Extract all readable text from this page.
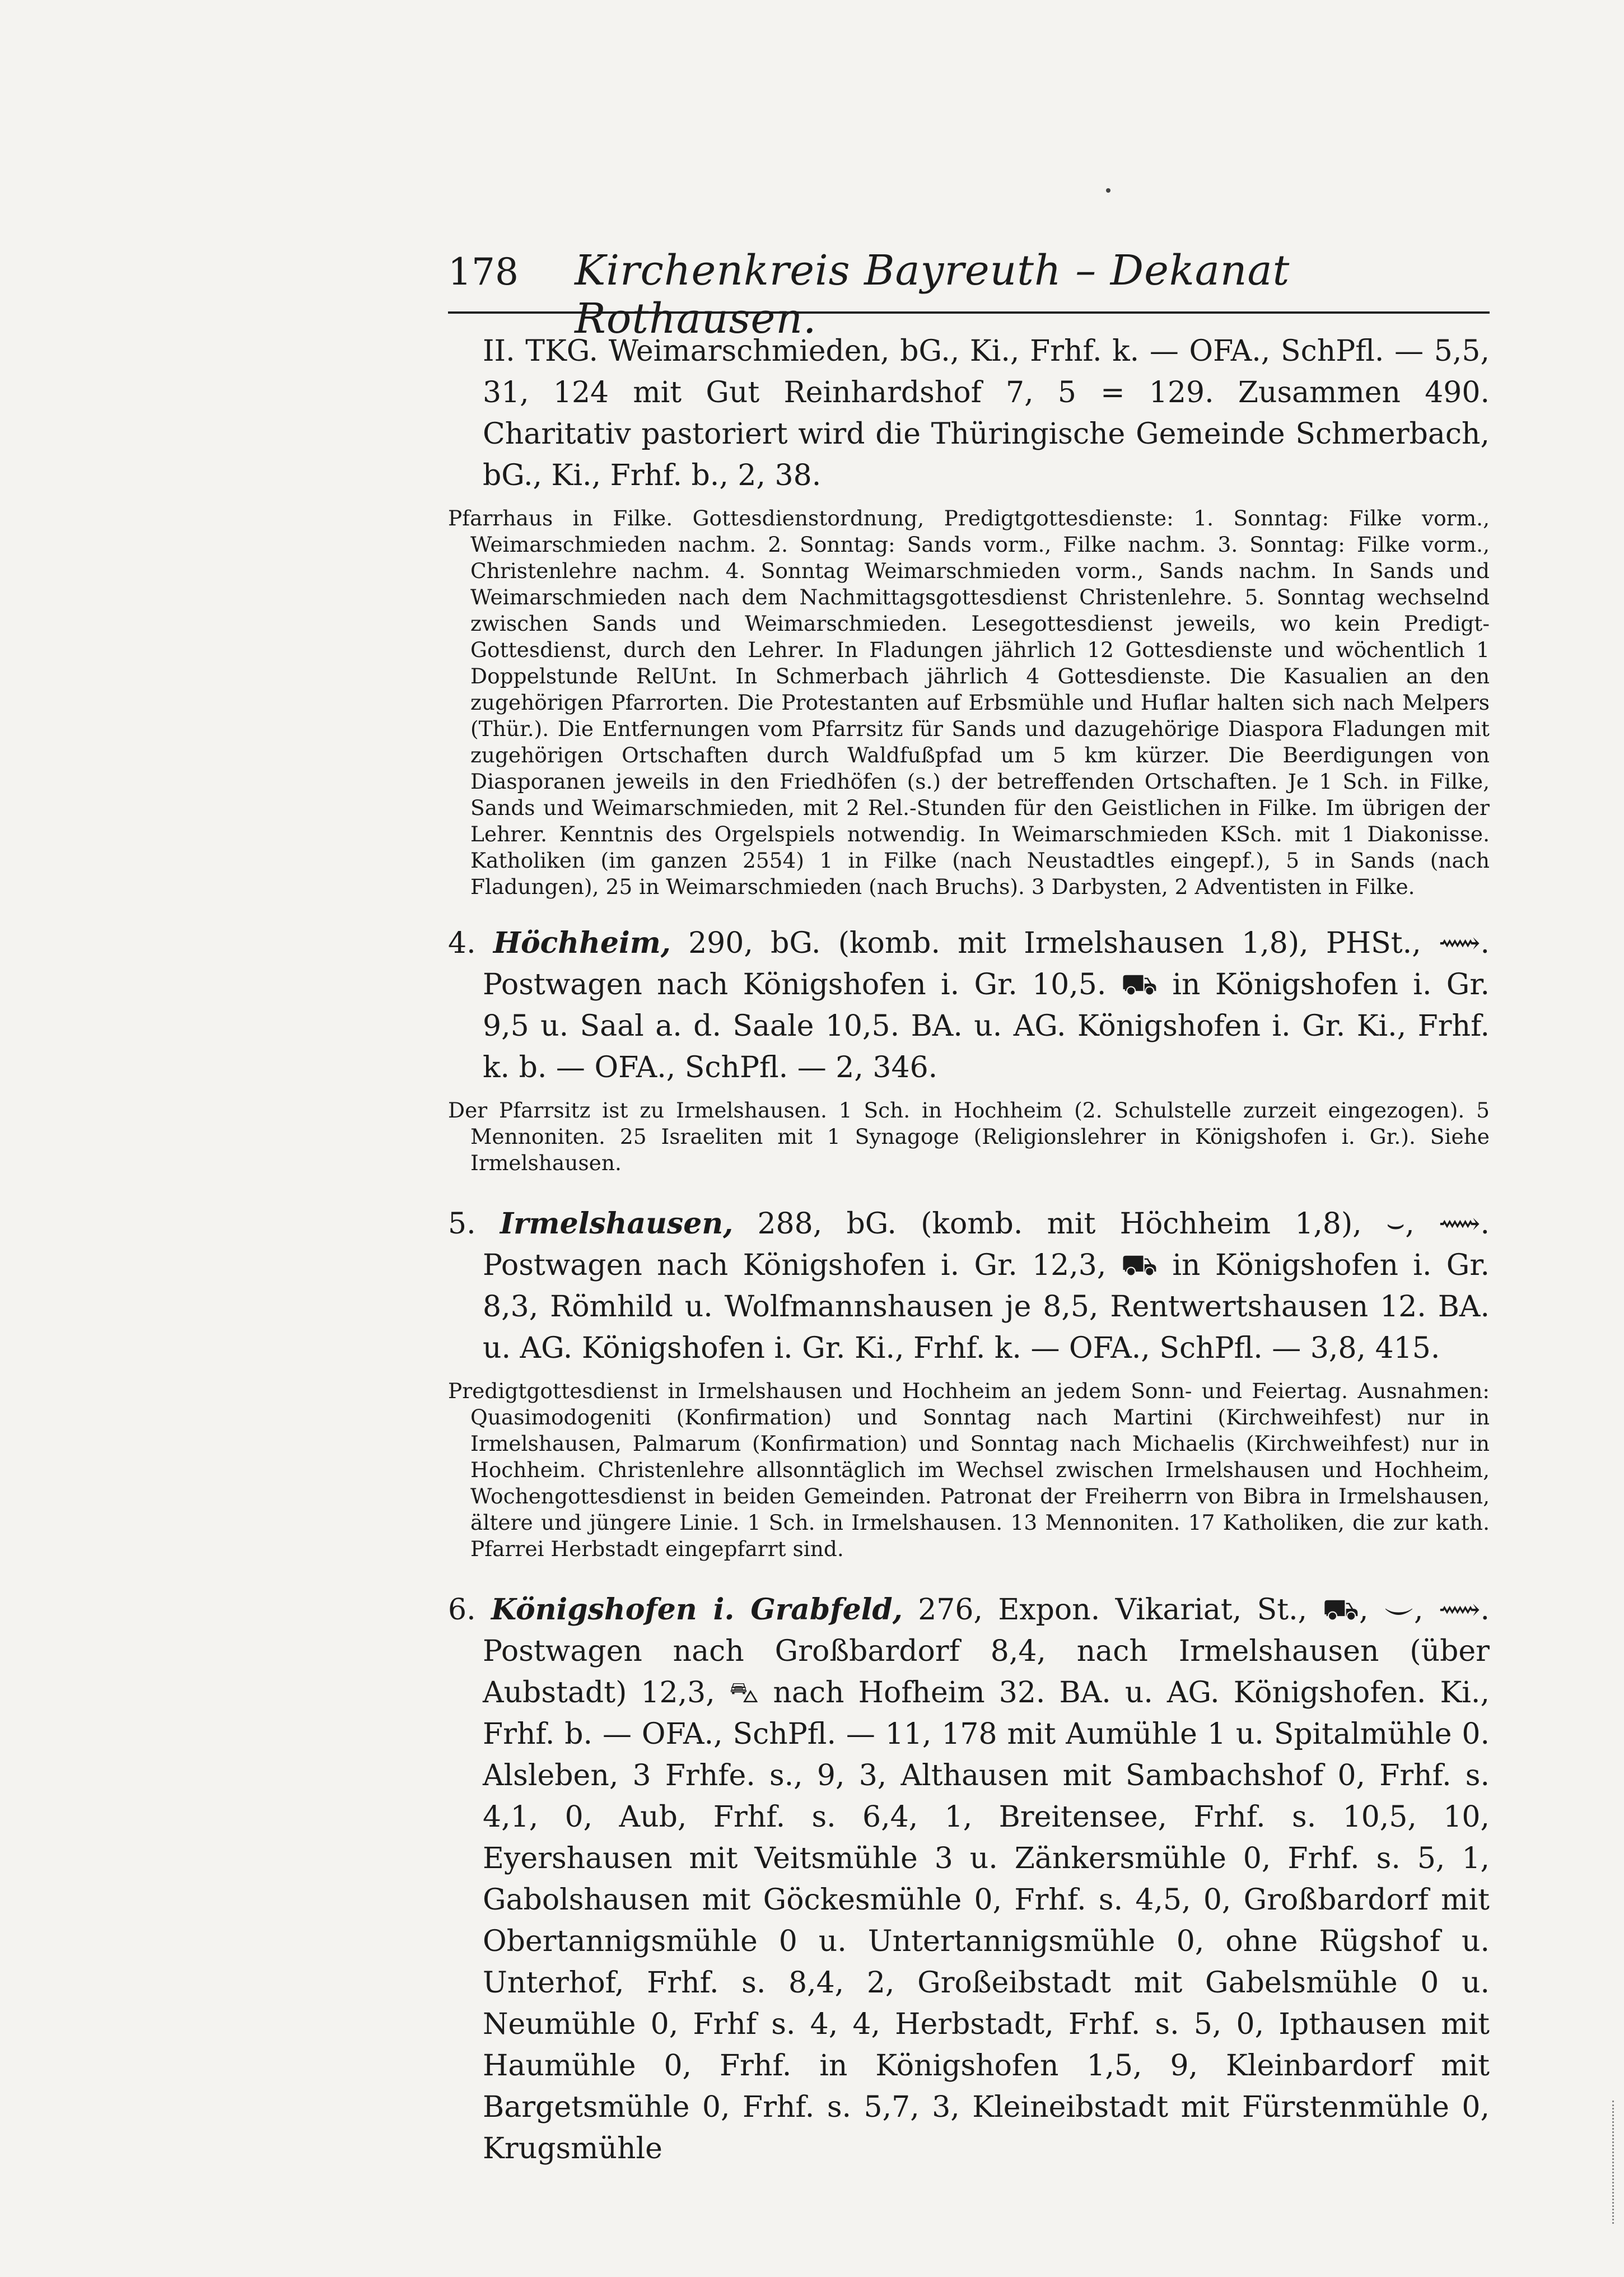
178	Kirchenkreis Bayreuth – Dekanat Rothausen.

II. TKG. Weimarschmieden, bG., Ki., Frhf. k. — OFA., SchPfl. — 5,5, 31, 124 mit Gut Reinhardshof 7, 5 = 129. Zusammen 490. Charitativ pastoriert wird die Thüringische Gemeinde Schmerbach, bG., Ki., Frhf. b., 2, 38.

Pfarrhaus in Filke. Gottesdienstordnung, Predigtgottesdienste: 1. Sonntag: Filke vorm., Weimarschmieden nachm. 2. Sonntag: Sands vorm., Filke nachm. 3. Sonntag: Filke vorm., Christenlehre nachm. 4. Sonntag Weimarschmieden vorm., Sands nachm. In Sands und Weimarschmieden nach dem Nachmittagsgottesdienst Christenlehre. 5. Sonntag wechselnd zwischen Sands und Weimarschmieden. Lesegottesdienst jeweils, wo kein Predigt-Gottesdienst, durch den Lehrer. In Fladungen jährlich 12 Gottesdienste und wöchentlich 1 Doppelstunde RelUnt. In Schmerbach jährlich 4 Gottesdienste. Die Kasualien an den zugehörigen Pfarrorten. Die Protestanten auf Erbsmühle und Huflar halten sich nach Melpers (Thür.). Die Entfernungen vom Pfarrsitz für Sands und dazugehörige Diaspora Fladungen mit zugehörigen Ortschaften durch Waldfußpfad um 5 km kürzer. Die Beerdigungen von Diasporanen jeweils in den Friedhöfen (s.) der betreffenden Ortschaften. Je 1 Sch. in Filke, Sands und Weimarschmieden, mit 2 Rel.-Stunden für den Geistlichen in Filke. Im übrigen der Lehrer. Kenntnis des Orgelspiels notwendig. In Weimarschmieden KSch. mit 1 Diakonisse. Katholiken (im ganzen 2554) 1 in Filke (nach Neustadtles eingepf.), 5 in Sands (nach Fladungen), 25 in Weimarschmieden (nach Bruchs). 3 Darbysten, 2 Adventisten in Filke.

4. Höchheim, 290, bG. (komb. mit Irmelshausen 1,8), PHSt., ⟿. Postwagen nach Königshofen i. Gr. 10,5. ⛟ in Königshofen i. Gr. 9,5 u. Saal a. d. Saale 10,5. BA. u. AG. Königshofen i. Gr. Ki., Frhf. k. b. — OFA., SchPfl. — 2, 346.

Der Pfarrsitz ist zu Irmelshausen. 1 Sch. in Hochheim (2. Schulstelle zurzeit eingezogen). 5 Mennoniten. 25 Israeliten mit 1 Synagoge (Religionslehrer in Königshofen i. Gr.). Siehe Irmelshausen.

5. Irmelshausen, 288, bG. (komb. mit Höchheim 1,8), ⌣, ⟿. Postwagen nach Königshofen i. Gr. 12,3, ⛟ in Königshofen i. Gr. 8,3, Römhild u. Wolfmannshausen je 8,5, Rentwertshausen 12. BA. u. AG. Königshofen i. Gr. Ki., Frhf. k. — OFA., SchPfl. — 3,8, 415.

Predigtgottesdienst in Irmelshausen und Hochheim an jedem Sonn- und Feiertag. Ausnahmen: Quasimodogeniti (Konfirmation) und Sonntag nach Martini (Kirchweihfest) nur in Irmelshausen, Palmarum (Konfirmation) und Sonntag nach Michaelis (Kirchweihfest) nur in Hochheim. Christenlehre allsonntäglich im Wechsel zwischen Irmelshausen und Hochheim, Wochengottesdienst in beiden Gemeinden. Patronat der Freiherrn von Bibra in Irmelshausen, ältere und jüngere Linie. 1 Sch. in Irmelshausen. 13 Mennoniten. 17 Katholiken, die zur kath. Pfarrei Herbstadt eingepfarrt sind.

6. Königshofen i. Grabfeld, 276, Expon. Vikariat, St., ⛟, ⌣, ⟿. Postwagen nach Großbardorf 8,4, nach Irmelshausen (über Aubstadt) 12,3, ⛍ nach Hofheim 32. BA. u. AG. Königshofen. Ki., Frhf. b. — OFA., SchPfl. — 11, 178 mit Aumühle 1 u. Spitalmühle 0. Alsleben, 3 Frhfe. s., 9, 3, Althausen mit Sambachshof 0, Frhf. s. 4,1, 0, Aub, Frhf. s. 6,4, 1, Breitensee, Frhf. s. 10,5, 10, Eyershausen mit Veitsmühle 3 u. Zänkersmühle 0, Frhf. s. 5, 1, Gabolshausen mit Göckesmühle 0, Frhf. s. 4,5, 0, Großbardorf mit Obertannigsmühle 0 u. Untertannigsmühle 0, ohne Rügshof u. Unterhof, Frhf. s. 8,4, 2, Großeibstadt mit Gabelsmühle 0 u. Neumühle 0, Frhf s. 4, 4, Herbstadt, Frhf. s. 5, 0, Ipthausen mit Haumühle 0, Frhf. in Königshofen 1,5, 9, Kleinbardorf mit Bargetsmühle 0, Frhf. s. 5,7, 3, Kleineibstadt mit Fürstenmühle 0, Krugsmühle
